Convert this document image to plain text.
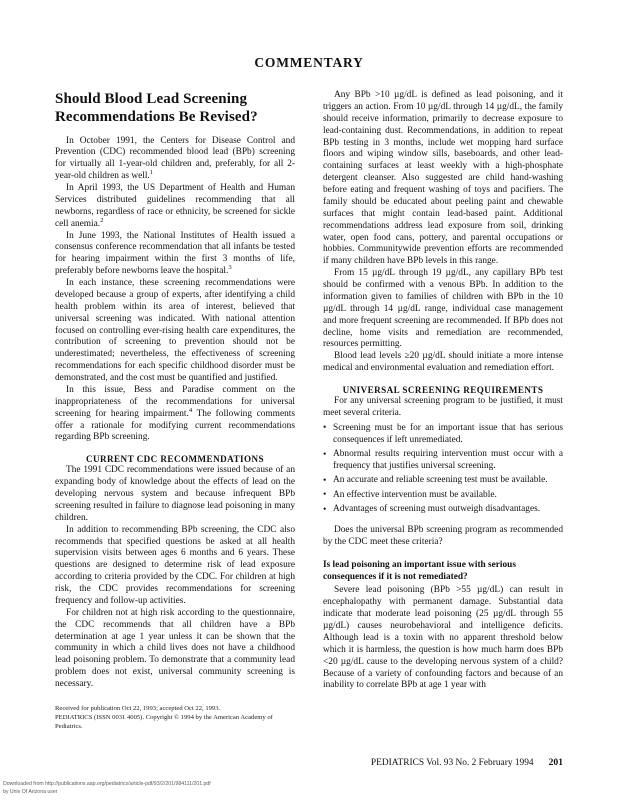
COMMENTARY
Should Blood Lead Screening Recommendations Be Revised?

In October 1991, the Centers for Disease Control and Prevention (CDC) recommended blood lead (BPb) screening for virtually all 1-year-old children and, preferably, for all 2-year-old children as well.$^1$

In April 1993, the US Department of Health and Human Services distributed guidelines recommending that all newborns, regardless of race or ethnicity, be screened for sickle cell anemia.$^2$

In June 1993, the National Institutes of Health issued a consensus conference recommendation that all infants be tested for hearing impairment within the first 3 months of life, preferably before newborns leave the hospital.$^3$

In each instance, these screening recommendations were developed because a group of experts, after identifying a child health problem within its area of interest, believed that universal screening was indicated. With national attention focused on controlling ever-rising health care expenditures, the contribution of screening to prevention should not be underestimated; nevertheless, the effectiveness of screening recommendations for each specific childhood disorder must be demonstrated, and the cost must be quantified and justified.

In this issue, Bess and Paradise comment on the inappropriateness of the recommendations for universal screening for hearing impairment.$^4$ The following comments offer a rationale for modifying current recommendations regarding BPb screening.

CURRENT CDC RECOMMENDATIONS

The 1991 CDC recommendations were issued because of an expanding body of knowledge about the effects of lead on the developing nervous system and because infrequent BPb screening resulted in failure to diagnose lead poisoning in many children.

In addition to recommending BPb screening, the CDC also recommends that specified questions be asked at all health supervision visits between ages 6 months and 6 years. These questions are designed to determine risk of lead exposure according to criteria provided by the CDC. For children at high risk, the CDC provides recommendations for screening frequency and follow-up activities.

For children not at high risk according to the questionnaire, the CDC recommends that all children have a BPb determination at age 1 year unless it can be shown that the community in which a child lives does not have a childhood lead poisoning problem. To demonstrate that a community lead problem does not exist, universal community screening is necessary.

Received for publication Oct 22, 1993; accepted Oct 22, 1993.

PEDIATRICS (ISSN 0031 4005). Copyright © 1994 by the American Academy of Pediatrics.

Any BPb >10 µg/dL is defined as lead poisoning, and it triggers an action. From 10 µg/dL through 14 µg/dL, the family should receive information, primarily to decrease exposure to lead-containing dust. Recommendations, in addition to repeat BPb testing in 3 months, include wet mopping hard surface floors and wiping window sills, baseboards, and other lead-containing surfaces at least weekly with a high-phosphate detergent cleanser. Also suggested are child hand-washing before eating and frequent washing of toys and pacifiers. The family should be educated about peeling paint and chewable surfaces that might contain lead-based paint. Additional recommendations address lead exposure from soil, drinking water, open food cans, pottery, and parental occupations or hobbies. Communitywide prevention efforts are recommended if many children have BPb levels in this range.

From 15 µg/dL through 19 µg/dL, any capillary BPb test should be confirmed with a venous BPb. In addition to the information given to families of children with BPb in the 10 µg/dL through 14 µg/dL range, individual case management and more frequent screening are recommended. If BPb does not decline, home visits and remediation are recommended, resources permitting.

Blood lead levels ≥20 µg/dL should initiate a more intense medical and environmental evaluation and remediation effort.

UNIVERSAL SCREENING REQUIREMENTS

For any universal screening program to be justified, it must meet several criteria.

• Screening must be for an important issue that has serious consequences if left unremediated.
• Abnormal results requiring intervention must occur with a frequency that justifies universal screening.
• An accurate and reliable screening test must be available.
• An effective intervention must be available.
• Advantages of screening must outweigh disadvantages.

Does the universal BPb screening program as recommended by the CDC meet these criteria?

Is lead poisoning an important issue with serious consequences if it is not remediated?

Severe lead poisoning (BPb >55 µg/dL) can result in encephalopathy with permanent damage. Substantial data indicate that moderate lead poisoning (25 µg/dL through 55 µg/dL) causes neurobehavioral and intelligence deficits. Although lead is a toxin with no apparent threshold below which it is harmless, the question is how much harm does BPb <20 µg/dL cause to the developing nervous system of a child? Because of a variety of confounding factors and because of an inability to correlate BPb at age 1 year with

PEDIATRICS Vol. 93 No. 2 February 1994 201
Downloaded from http://publications.aap.org/pediatrics/article-pdf/93/2/201/984111/201.pdf
by Univ Of Arizona user
